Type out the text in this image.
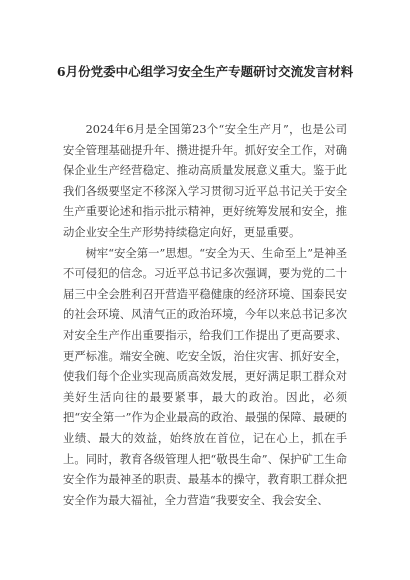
6月份党委中心组学习安全生产专题研讨交流发言材料

2024年6月是全国第23个“安全生产月”，也是公司安全管理基础提升年、攒进提升年。抓好安全工作，对确保企业生产经营稳定、推动高质量发展意义重大。鉴于此我们各级要坚定不移深入学习贯彻习近平总书记关于安全生产重要论述和指示批示精神，更好统筹发展和安全，推动企业安全生产形势持续稳定向好，更显重要。

树牢“安全第一”思想。“安全为天、生命至上”是神圣不可侵犯的信念。习近平总书记多次强调，要为党的二十届三中全会胜利召开营造平稳健康的经济环境、国泰民安的社会环境、风清气正的政治环境，今年以来总书记多次对安全生产作出重要指示，给我们工作提出了更高要求、更严标准。端安全碗、吃安全饭，治住灾害、抓好安全，使我们每个企业实现高质高效发展，更好满足职工群众对美好生活向往的最要紧事，最大的政治。因此，必须把“安全第一”作为企业最高的政治、最强的保障、最硬的业绩、最大的效益，始终放在首位，记在心上，抓在手上。同时，教育各级管理人把“敬畏生命”、保护矿工生命安全作为最神圣的职责、最基本的操守，教育职工群众把安全作为最大福祉，全力营造“我要安全、我会安全、
